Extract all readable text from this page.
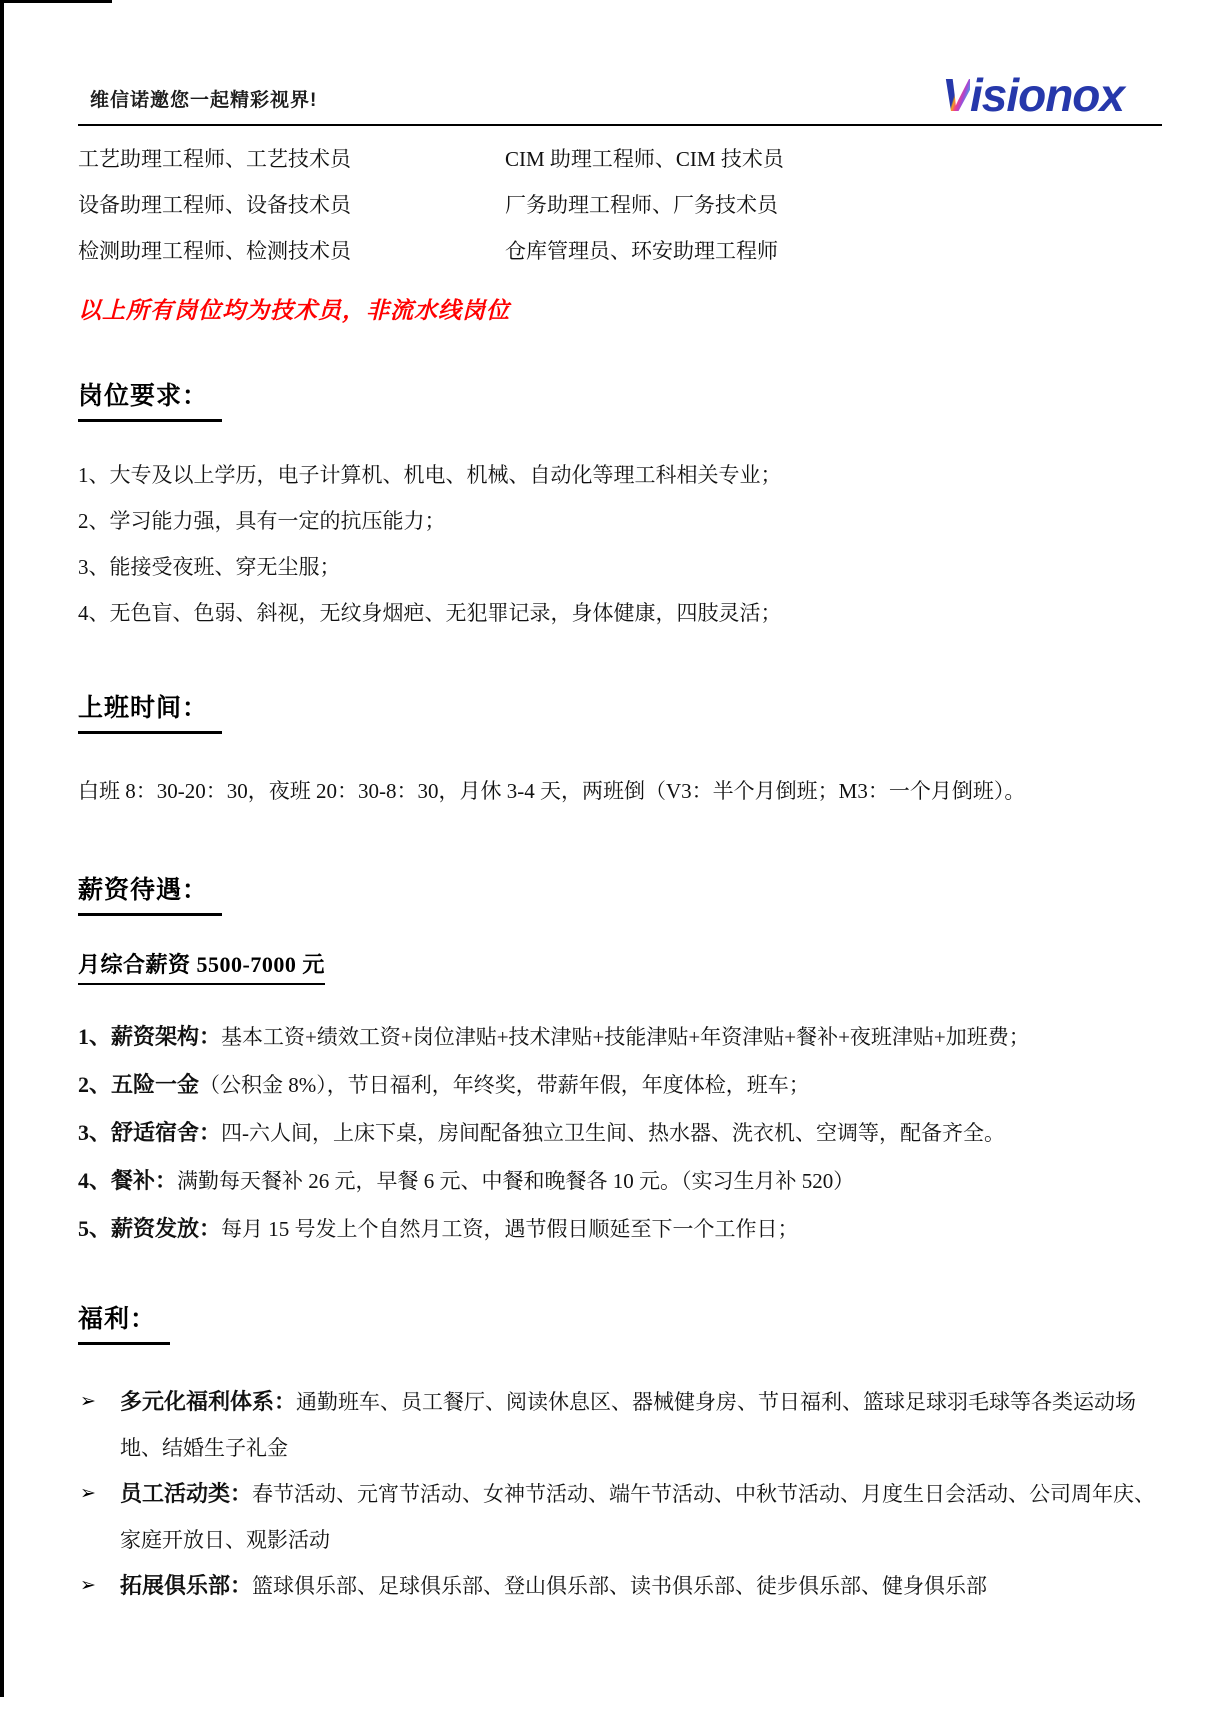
维信诺邀您一起精彩视界!	Visionox
工艺助理工程师、工艺技术员	CIM 助理工程师、CIM 技术员
设备助理工程师、设备技术员	厂务助理工程师、厂务技术员
检测助理工程师、检测技术员	仓库管理员、环安助理工程师
以上所有岗位均为技术员，非流水线岗位
岗位要求：
1、大专及以上学历，电子计算机、机电、机械、自动化等理工科相关专业；
2、学习能力强，具有一定的抗压能力；
3、能接受夜班、穿无尘服；
4、无色盲、色弱、斜视，无纹身烟疤、无犯罪记录，身体健康，四肢灵活；
上班时间：
白班 8：30-20：30，夜班 20：30-8：30，月休 3-4 天，两班倒（V3：半个月倒班；M3：一个月倒班）。
薪资待遇：
月综合薪资 5500-7000 元
1、薪资架构：基本工资+绩效工资+岗位津贴+技术津贴+技能津贴+年资津贴+餐补+夜班津贴+加班费；
2、五险一金（公积金 8%），节日福利，年终奖，带薪年假，年度体检，班车；
3、舒适宿舍：四-六人间，上床下桌，房间配备独立卫生间、热水器、洗衣机、空调等，配备齐全。
4、餐补：满勤每天餐补 26 元，早餐 6 元、中餐和晚餐各 10 元。（实习生月补 520）
5、薪资发放：每月 15 号发上个自然月工资，遇节假日顺延至下一个工作日；
福利：
➢ 多元化福利体系：通勤班车、员工餐厅、阅读休息区、器械健身房、节日福利、篮球足球羽毛球等各类运动场地、结婚生子礼金
➢ 员工活动类：春节活动、元宵节活动、女神节活动、端午节活动、中秋节活动、月度生日会活动、公司周年庆、家庭开放日、观影活动
➢ 拓展俱乐部：篮球俱乐部、足球俱乐部、登山俱乐部、读书俱乐部、徒步俱乐部、健身俱乐部
